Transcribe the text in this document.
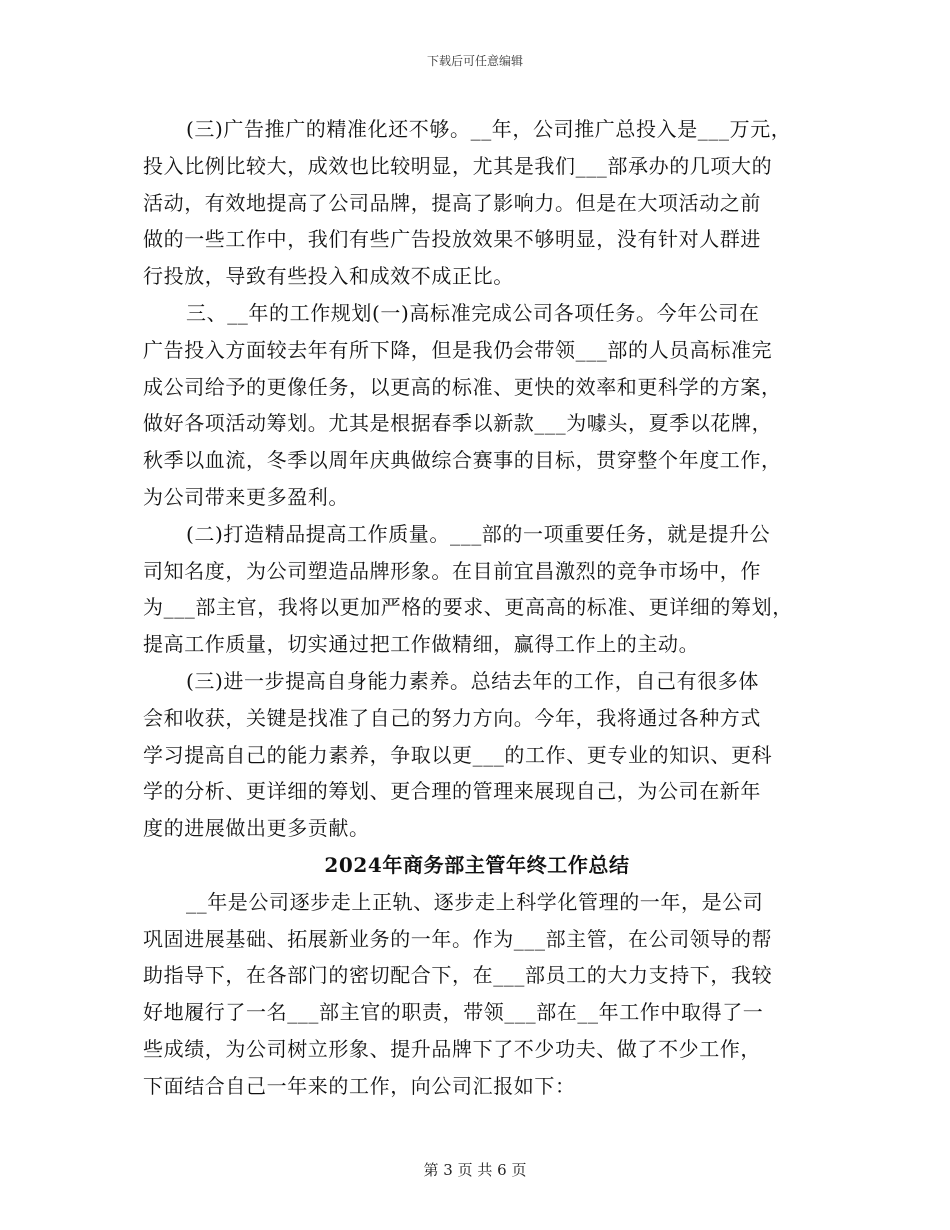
下载后可任意编辑
(三)广告推广的精准化还不够。__年，公司推广总投入是___万元，
投入比例比较大，成效也比较明显，尤其是我们___部承办的几项大的
活动，有效地提高了公司品牌，提高了影响力。但是在大项活动之前
做的一些工作中，我们有些广告投放效果不够明显，没有针对人群进
行投放，导致有些投入和成效不成正比。
三、__年的工作规划(一)高标准完成公司各项任务。今年公司在
广告投入方面较去年有所下降，但是我仍会带领___部的人员高标准完
成公司给予的更像任务，以更高的标准、更快的效率和更科学的方案，
做好各项活动筹划。尤其是根据春季以新款___为噱头，夏季以花牌，
秋季以血流，冬季以周年庆典做综合赛事的目标，贯穿整个年度工作，
为公司带来更多盈利。
(二)打造精品提高工作质量。___部的一项重要任务，就是提升公
司知名度，为公司塑造品牌形象。在目前宜昌激烈的竞争市场中，作
为___部主官，我将以更加严格的要求、更高高的标准、更详细的筹划，
提高工作质量，切实通过把工作做精细，赢得工作上的主动。
(三)进一步提高自身能力素养。总结去年的工作，自己有很多体
会和收获，关键是找准了自己的努力方向。今年，我将通过各种方式
学习提高自己的能力素养，争取以更___的工作、更专业的知识、更科
学的分析、更详细的筹划、更合理的管理来展现自己，为公司在新年
度的进展做出更多贡献。
2024年商务部主管年终工作总结
__年是公司逐步走上正轨、逐步走上科学化管理的一年，是公司
巩固进展基础、拓展新业务的一年。作为___部主管，在公司领导的帮
助指导下，在各部门的密切配合下，在___部员工的大力支持下，我较
好地履行了一名___部主官的职责，带领___部在__年工作中取得了一
些成绩，为公司树立形象、提升品牌下了不少功夫、做了不少工作，
下面结合自己一年来的工作，向公司汇报如下：
第 3 页 共 6 页
